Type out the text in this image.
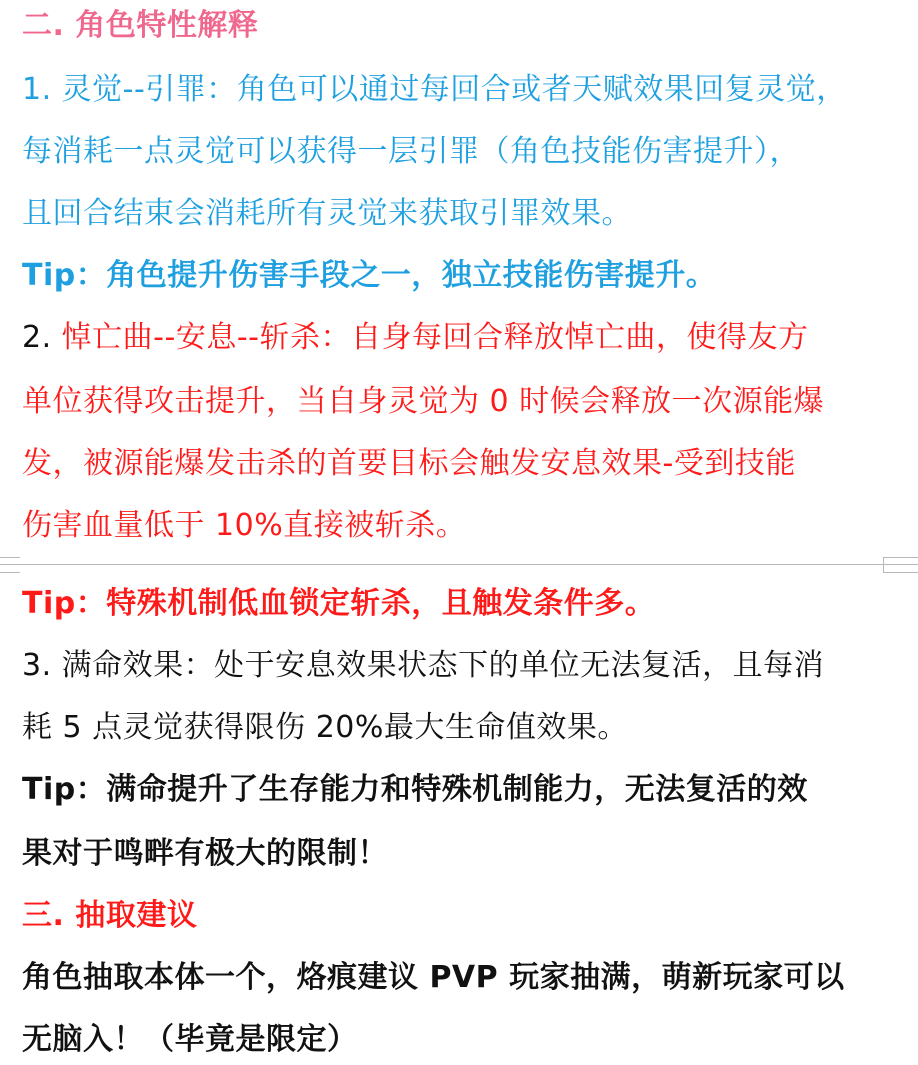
二. 角色特性解释
1. 灵觉--引罪：角色可以通过每回合或者天赋效果回复灵觉，
每消耗一点灵觉可以获得一层引罪（角色技能伤害提升），
且回合结束会消耗所有灵觉来获取引罪效果。
Tip：角色提升伤害手段之一，独立技能伤害提升。
2. 悼亡曲--安息--斩杀：自身每回合释放悼亡曲，使得友方
单位获得攻击提升，当自身灵觉为 0 时候会释放一次源能爆
发，被源能爆发击杀的首要目标会触发安息效果-受到技能
伤害血量低于 10%直接被斩杀。
Tip：特殊机制低血锁定斩杀，且触发条件多。
3. 满命效果：处于安息效果状态下的单位无法复活，且每消
耗 5 点灵觉获得限伤 20%最大生命值效果。
Tip：满命提升了生存能力和特殊机制能力，无法复活的效
果对于鸣畔有极大的限制！
三. 抽取建议
角色抽取本体一个，烙痕建议 PVP 玩家抽满，萌新玩家可以
无脑入！（毕竟是限定）
